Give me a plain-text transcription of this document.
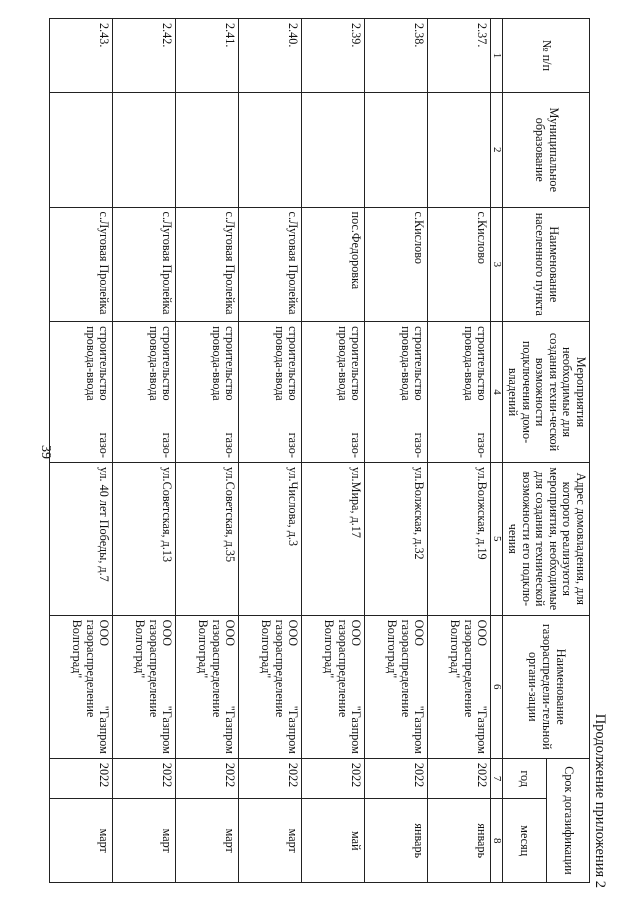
39
Продолжение приложения 2
№ п/п	Муниципальное образование	Наименование населенного пункта	Мероприятия необходимые для создания техни-ческой возможности подключения домо-владений	Адрес домовладения, для которого реализуются мероприятия, необходимые для создания технической возможности его подклю-чения	Наименование газораспредели-тельной органи-зации	Срок догазификации	
						год	месяц
1	2	3	4	5	6	7	8
2.37.		с.Кислово	строительство газо-провода-ввода	ул.Волжская, д.19	ООО "Газпром газораспределение Волгоград"	2022	январь
2.38.		с.Кислово	строительство газо-провода-ввода	ул.Волжская, д.32	ООО "Газпром газораспределение Волгоград"	2022	январь
2.39.		пос.Федоровка	строительство газо-провода-ввода	ул.Мира, д.17	ООО "Газпром газораспределение Волгоград"	2022	май
2.40.		с.Луговая Пролейка	строительство газо-провода-ввода	ул.Числова, д.3	ООО "Газпром газораспределение Волгоград"	2022	март
2.41.		с.Луговая Пролейка	строительство газо-провода-ввода	ул.Советская, д.35	ООО "Газпром газораспределение Волгоград"	2022	март
2.42.		с.Луговая Пролейка	строительство газо-провода-ввода	ул.Советская, д.13	ООО "Газпром газораспределение Волгоград"	2022	март
2.43.		с.Луговая Пролейка	строительство газо-провода-ввода	ул. 40 лет Победы, д.7	ООО "Газпром газораспределение Волгоград"	2022	март
